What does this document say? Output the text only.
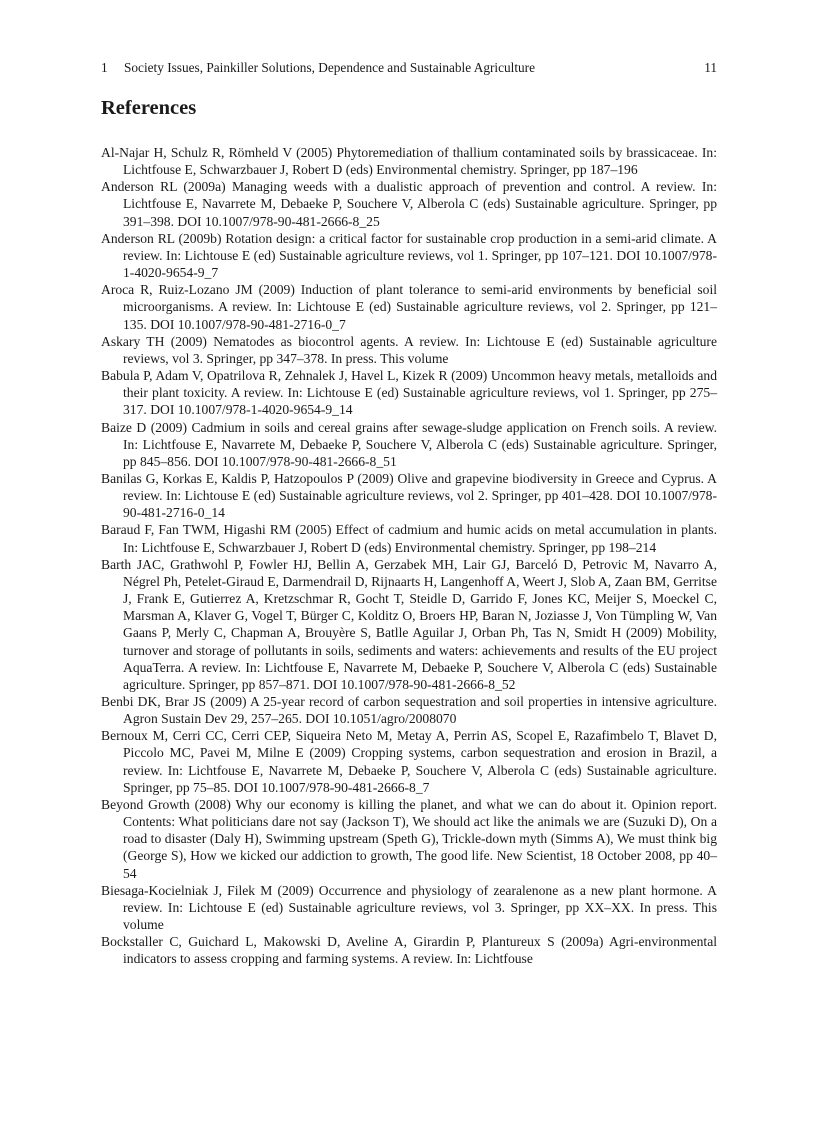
1 Society Issues, Painkiller Solutions, Dependence and Sustainable Agriculture	11
References
Al-Najar H, Schulz R, Römheld V (2005) Phytoremediation of thallium contaminated soils by brassicaceae. In: Lichtfouse E, Schwarzbauer J, Robert D (eds) Environmental chemistry. Springer, pp 187–196
Anderson RL (2009a) Managing weeds with a dualistic approach of prevention and control. A review. In: Lichtfouse E, Navarrete M, Debaeke P, Souchere V, Alberola C (eds) Sustainable agriculture. Springer, pp 391–398. DOI 10.1007/978-90-481-2666-8_25
Anderson RL (2009b) Rotation design: a critical factor for sustainable crop production in a semi-arid climate. A review. In: Lichtouse E (ed) Sustainable agriculture reviews, vol 1. Springer, pp 107–121. DOI 10.1007/978-1-4020-9654-9_7
Aroca R, Ruiz-Lozano JM (2009) Induction of plant tolerance to semi-arid environments by beneficial soil microorganisms. A review. In: Lichtouse E (ed) Sustainable agriculture reviews, vol 2. Springer, pp 121–135. DOI 10.1007/978-90-481-2716-0_7
Askary TH (2009) Nematodes as biocontrol agents. A review. In: Lichtouse E (ed) Sustainable agriculture reviews, vol 3. Springer, pp 347–378. In press. This volume
Babula P, Adam V, Opatrilova R, Zehnalek J, Havel L, Kizek R (2009) Uncommon heavy metals, metalloids and their plant toxicity. A review. In: Lichtouse E (ed) Sustainable agriculture reviews, vol 1. Springer, pp 275–317. DOI 10.1007/978-1-4020-9654-9_14
Baize D (2009) Cadmium in soils and cereal grains after sewage-sludge application on French soils. A review. In: Lichtfouse E, Navarrete M, Debaeke P, Souchere V, Alberola C (eds) Sustainable agriculture. Springer, pp 845–856. DOI 10.1007/978-90-481-2666-8_51
Banilas G, Korkas E, Kaldis P, Hatzopoulos P (2009) Olive and grapevine biodiversity in Greece and Cyprus. A review. In: Lichtouse E (ed) Sustainable agriculture reviews, vol 2. Springer, pp 401–428. DOI 10.1007/978-90-481-2716-0_14
Baraud F, Fan TWM, Higashi RM (2005) Effect of cadmium and humic acids on metal accumulation in plants. In: Lichtfouse E, Schwarzbauer J, Robert D (eds) Environmental chemistry. Springer, pp 198–214
Barth JAC, Grathwohl P, Fowler HJ, Bellin A, Gerzabek MH, Lair GJ, Barceló D, Petrovic M, Navarro A, Négrel Ph, Petelet-Giraud E, Darmendrail D, Rijnaarts H, Langenhoff A, Weert J, Slob A, Zaan BM, Gerritse J, Frank E, Gutierrez A, Kretzschmar R, Gocht T, Steidle D, Garrido F, Jones KC, Meijer S, Moeckel C, Marsman A, Klaver G, Vogel T, Bürger C, Kolditz O, Broers HP, Baran N, Joziasse J, Von Tümpling W, Van Gaans P, Merly C, Chapman A, Brouyère S, Batlle Aguilar J, Orban Ph, Tas N, Smidt H (2009) Mobility, turnover and storage of pollutants in soils, sediments and waters: achievements and results of the EU project AquaTerra. A review. In: Lichtfouse E, Navarrete M, Debaeke P, Souchere V, Alberola C (eds) Sustainable agriculture. Springer, pp 857–871. DOI 10.1007/978-90-481-2666-8_52
Benbi DK, Brar JS (2009) A 25-year record of carbon sequestration and soil properties in intensive agriculture. Agron Sustain Dev 29, 257–265. DOI 10.1051/agro/2008070
Bernoux M, Cerri CC, Cerri CEP, Siqueira Neto M, Metay A, Perrin AS, Scopel E, Razafimbelo T, Blavet D, Piccolo MC, Pavei M, Milne E (2009) Cropping systems, carbon sequestration and erosion in Brazil, a review. In: Lichtfouse E, Navarrete M, Debaeke P, Souchere V, Alberola C (eds) Sustainable agriculture. Springer, pp 75–85. DOI 10.1007/978-90-481-2666-8_7
Beyond Growth (2008) Why our economy is killing the planet, and what we can do about it. Opinion report. Contents: What politicians dare not say (Jackson T), We should act like the animals we are (Suzuki D), On a road to disaster (Daly H), Swimming upstream (Speth G), Trickle-down myth (Simms A), We must think big (George S), How we kicked our addiction to growth, The good life. New Scientist, 18 October 2008, pp 40–54
Biesaga-Kocielniak J, Filek M (2009) Occurrence and physiology of zearalenone as a new plant hormone. A review. In: Lichtouse E (ed) Sustainable agriculture reviews, vol 3. Springer, pp XX–XX. In press. This volume
Bockstaller C, Guichard L, Makowski D, Aveline A, Girardin P, Plantureux S (2009a) Agri-environmental indicators to assess cropping and farming systems. A review. In: Lichtfouse
